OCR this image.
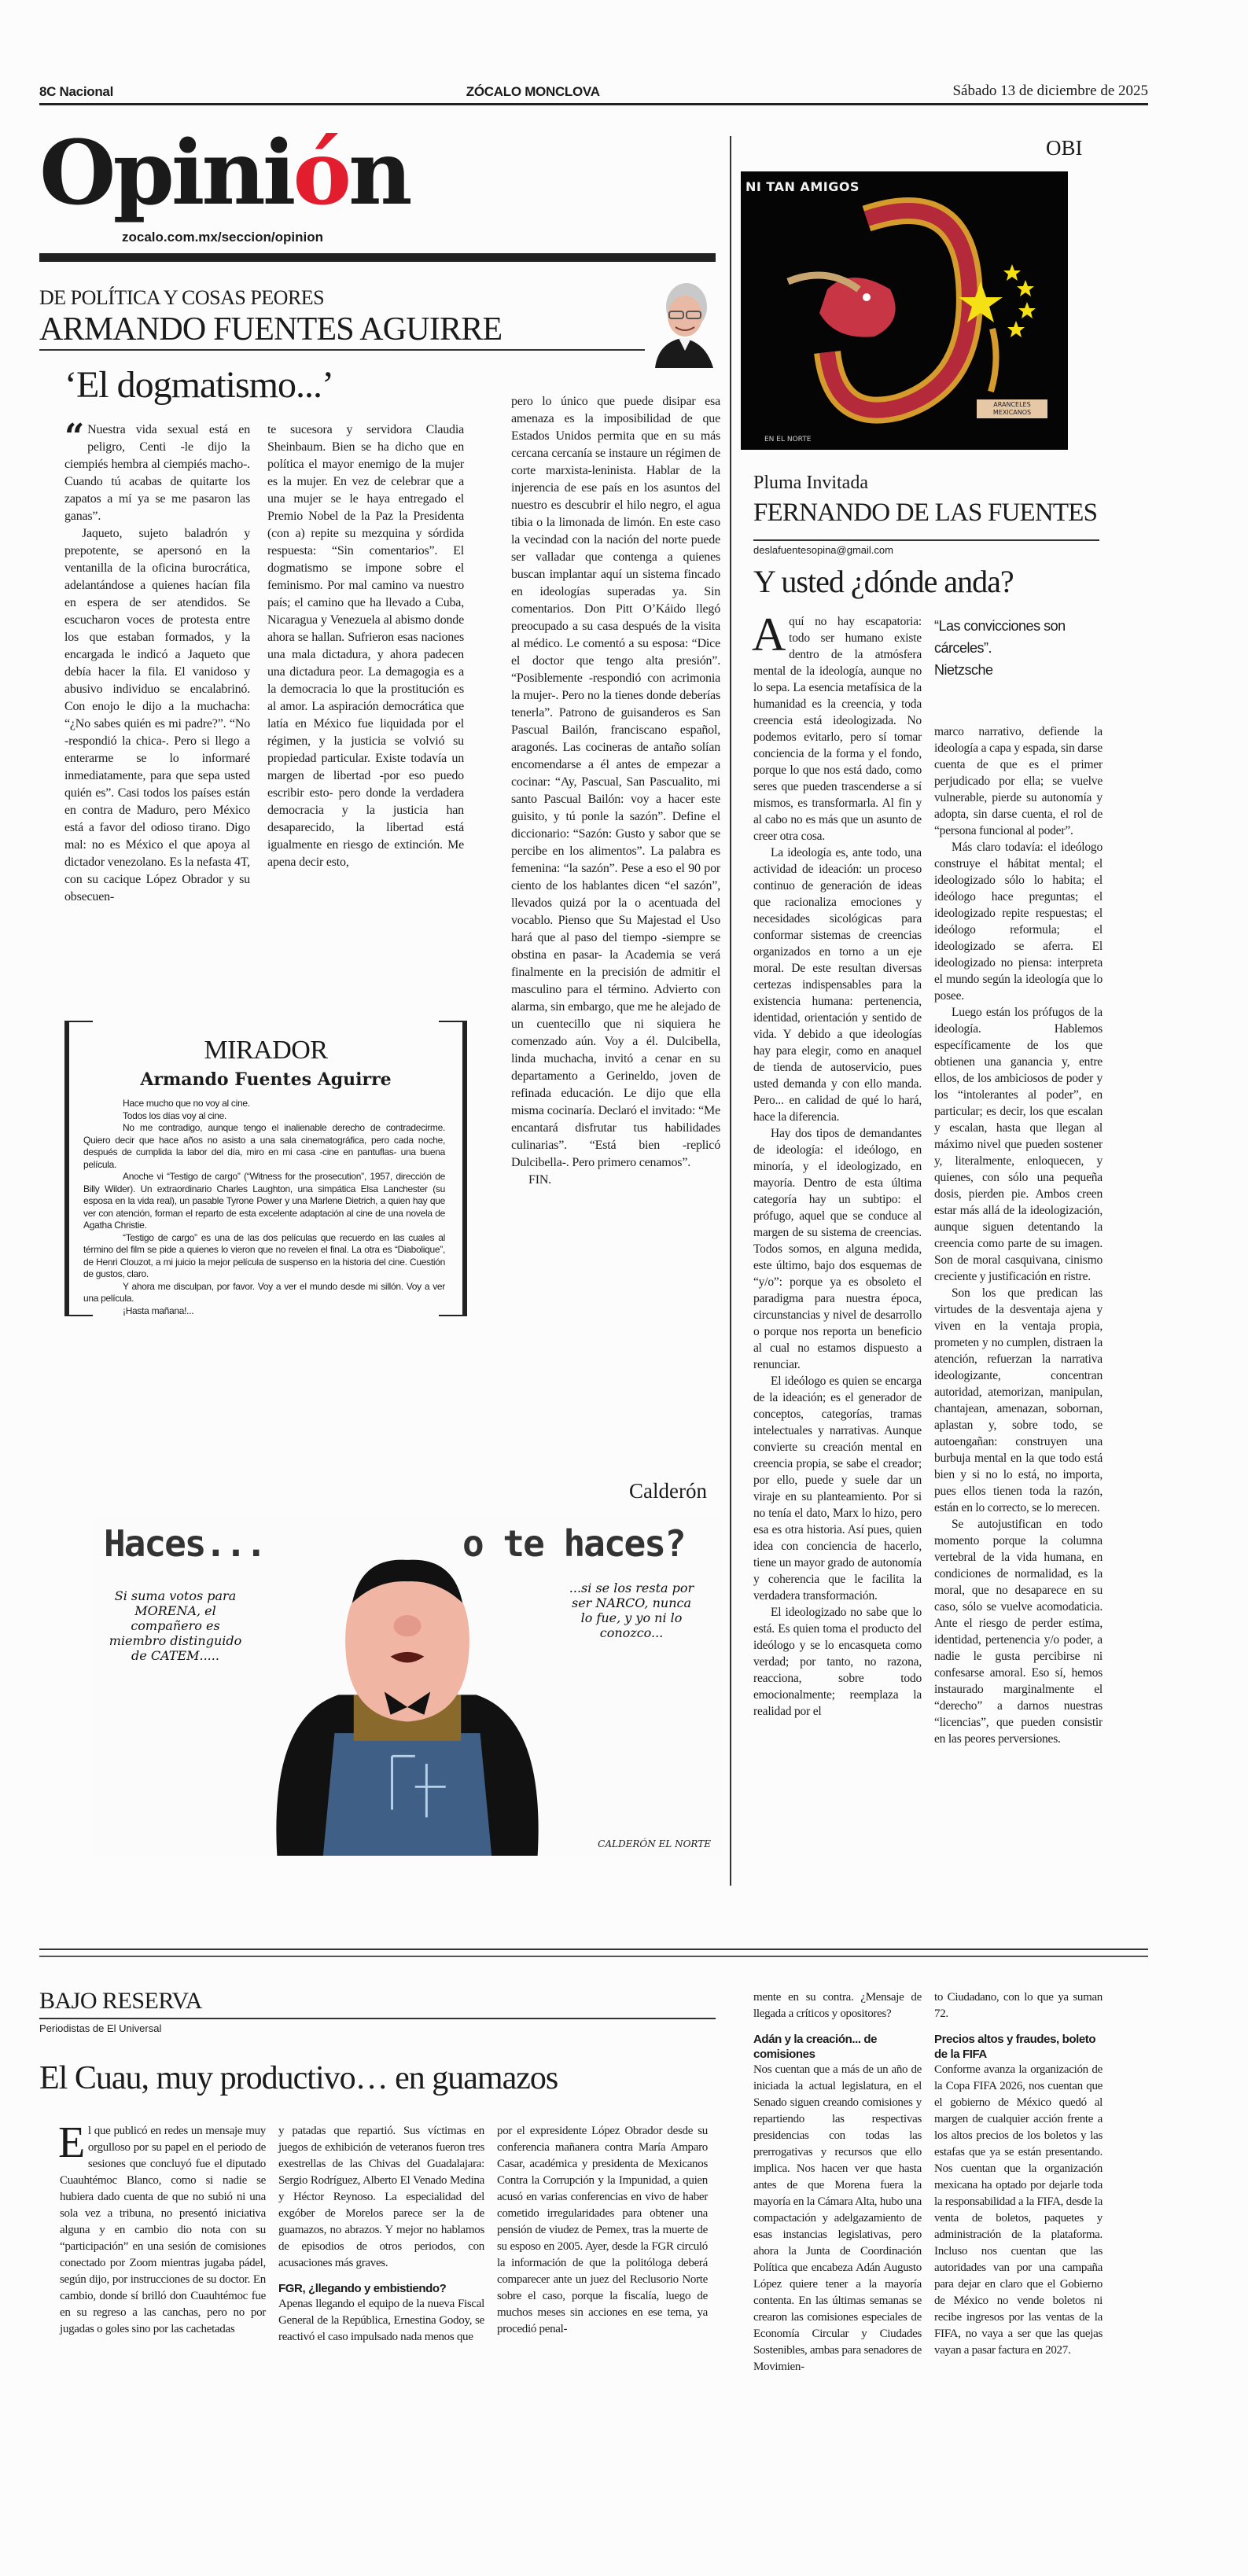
8C Nacional	ZÓCALO MONCLOVA	Sábado 13 de diciembre de 2025
Opinión
zocalo.com.mx/seccion/opinion
DE POLÍTICA Y COSAS PEORES
ARMANDO FUENTES AGUIRRE
‘El dogmatismo...’

“ Nuestra vida sexual está en peligro, Centi -le dijo la ciempiés hembra al ciempiés macho-. Cuando tú acabas de quitarte los zapatos a mí ya se me pasaron las ganas”.

Jaqueto, sujeto baladrón y prepotente, se apersonó en la ventanilla de la oficina burocrática, adelantándose a quienes hacían fila en espera de ser atendidos. Se escucharon voces de protesta entre los que estaban formados, y la encargada le indicó a Jaqueto que debía hacer la fila. El vanidoso y abusivo individuo se encalabrinó. Con enojo le dijo a la muchacha: “¿No sabes quién es mi padre?”. “No -respondió la chica-. Pero si llego a enterarme se lo informaré inmediatamente, para que sepa usted quién es”. Casi todos los países están en contra de Maduro, pero México está a favor del odioso tirano. Digo mal: no es México el que apoya al dictador venezolano. Es la nefasta 4T, con su cacique López Obrador y su obsecuen-

te sucesora y servidora Claudia Sheinbaum. Bien se ha dicho que en política el mayor enemigo de la mujer es la mujer. En vez de celebrar que a una mujer se le haya entregado el Premio Nobel de la Paz la Presidenta (con a) repite su mezquina y sórdida respuesta: “Sin comentarios”. El dogmatismo se impone sobre el feminismo. Por mal camino va nuestro país; el camino que ha llevado a Cuba, Nicaragua y Venezuela al abismo donde ahora se hallan. Sufrieron esas naciones una mala dictadura, y ahora padecen una dictadura peor. La demagogia es a la democracia lo que la prostitución es al amor. La aspiración democrática que latía en México fue liquidada por el régimen, y la justicia se volvió su propiedad particular. Existe todavía un margen de libertad -por eso puedo escribir esto- pero donde la verdadera democracia y la justicia han desaparecido, la libertad está igualmente en riesgo de extinción. Me apena decir esto,

pero lo único que puede disipar esa amenaza es la imposibilidad de que Estados Unidos permita que en su más cercana cercanía se instaure un régimen de corte marxista-leninista. Hablar de la injerencia de ese país en los asuntos del nuestro es descubrir el hilo negro, el agua tibia o la limonada de limón. En este caso la vecindad con la nación del norte puede ser valladar que contenga a quienes buscan implantar aquí un sistema fincado en ideologías superadas ya. Sin comentarios. Don Pitt O’Káido llegó preocupado a su casa después de la visita al médico. Le comentó a su esposa: “Dice el doctor que tengo alta presión”. “Posiblemente -respondió con acrimonia la mujer-. Pero no la tienes donde deberías tenerla”. Patrono de guisanderos es San Pascual Bailón, franciscano español, aragonés. Las cocineras de antaño solían encomendarse a él antes de empezar a cocinar: “Ay, Pascual, San Pascualito, mi santo Pascual Bailón: voy a hacer este guisito, y tú ponle la sazón”. Define el diccionario: “Sazón: Gusto y sabor que se percibe en los alimentos”. La palabra es femenina: “la sazón”. Pese a eso el 90 por ciento de los hablantes dicen “el sazón”, llevados quizá por la o acentuada del vocablo. Pienso que Su Majestad el Uso hará que al paso del tiempo -siempre se obstina en pasar- la Academia se verá finalmente en la precisión de admitir el masculino para el término. Advierto con alarma, sin embargo, que me he alejado de un cuentecillo que ni siquiera he comenzado aún. Voy a él. Dulcibella, linda muchacha, invitó a cenar en su departamento a Gerineldo, joven de refinada educación. Le dijo que ella misma cocinaría. Declaró el invitado: “Me encantará disfrutar tus habilidades culinarias”. “Está bien -replicó Dulcibella-. Pero primero cenamos”.

FIN.

MIRADOR
Armando Fuentes Aguirre

Hace mucho que no voy al cine.

Todos los días voy al cine.

No me contradigo, aunque tengo el inalienable derecho de contradecirme. Quiero decir que hace años no asisto a una sala cinematográfica, pero cada noche, después de cumplida la labor del día, miro en mi casa -cine en pantuflas- una buena película.

Anoche vi “Testigo de cargo” (“Witness for the prosecution”, 1957, dirección de Billy Wilder). Un extraordinario Charles Laughton, una simpática Elsa Lanchester (su esposa en la vida real), un pasable Tyrone Power y una Marlene Dietrich, a quien hay que ver con atención, forman el reparto de esta excelente adaptación al cine de una novela de Agatha Christie.

“Testigo de cargo” es una de las dos películas que recuerdo en las cuales al término del film se pide a quienes lo vieron que no revelen el final. La otra es “Diabolique”, de Henri Clouzot, a mi juicio la mejor película de suspenso en la historia del cine. Cuestión de gustos, claro.

Y ahora me disculpan, por favor. Voy a ver el mundo desde mi sillón. Voy a ver una película.

¡Hasta mañana!...

Calderón
Haces...	o te haces?
Si suma votos para MORENA, el compañero es miembro distinguido de CATEM.....
...si se los resta por ser NARCO, nunca lo fue, y yo ni lo conozco...
CALDERÓN EL NORTE
OBI
NI TAN AMIGOS
ARANCELES MEXICANOS
EN EL NORTE
Pluma Invitada
FERNANDO DE LAS FUENTES
deslafuentesopina@gmail.com
Y usted ¿dónde anda?
“Las convicciones son cárceles”.
Nietzsche

Aquí no hay escapatoria: todo ser humano existe dentro de la atmósfera mental de la ideología, aunque no lo sepa. La esencia metafísica de la humanidad es la creencia, y toda creencia está ideologizada. No podemos evitarlo, pero sí tomar conciencia de la forma y el fondo, porque lo que nos está dado, como seres que pueden trascenderse a sí mismos, es transformarla. Al fin y al cabo no es más que un asunto de creer otra cosa.

La ideología es, ante todo, una actividad de ideación: un proceso continuo de generación de ideas que racionaliza emociones y necesidades sicológicas para conformar sistemas de creencias organizados en torno a un eje moral. De este resultan diversas certezas indispensables para la existencia humana: pertenencia, identidad, orientación y sentido de vida. Y debido a que ideologías hay para elegir, como en anaquel de tienda de autoservicio, pues usted demanda y con ello manda. Pero... en calidad de qué lo hará, hace la diferencia.

Hay dos tipos de demandantes de ideología: el ideólogo, en minoría, y el ideologizado, en mayoría. Dentro de esta última categoría hay un subtipo: el prófugo, aquel que se conduce al margen de su sistema de creencias. Todos somos, en alguna medida, este último, bajo dos esquemas de “y/o”: porque ya es obsoleto el paradigma para nuestra época, circunstancias y nivel de desarrollo o porque nos reporta un beneficio al cual no estamos dispuesto a renunciar.

El ideólogo es quien se encarga de la ideación; es el generador de conceptos, categorías, tramas intelectuales y narrativas. Aunque convierte su creación mental en creencia propia, se sabe el creador; por ello, puede y suele dar un viraje en su planteamiento. Por si no tenía el dato, Marx lo hizo, pero esa es otra historia. Así pues, quien idea con conciencia de hacerlo, tiene un mayor grado de autonomía y coherencia que le facilita la verdadera transformación.

El ideologizado no sabe que lo está. Es quien toma el producto del ideólogo y se lo encasqueta como verdad; por tanto, no razona, reacciona, sobre todo emocionalmente; reemplaza la realidad por el

marco narrativo, defiende la ideología a capa y espada, sin darse cuenta de que es el primer perjudicado por ella; se vuelve vulnerable, pierde su autonomía y adopta, sin darse cuenta, el rol de “persona funcional al poder”.

Más claro todavía: el ideólogo construye el hábitat mental; el ideologizado sólo lo habita; el ideólogo hace preguntas; el ideologizado repite respuestas; el ideólogo reformula; el ideologizado se aferra. El ideologizado no piensa: interpreta el mundo según la ideología que lo posee.

Luego están los prófugos de la ideología. Hablemos específicamente de los que obtienen una ganancia y, entre ellos, de los ambiciosos de poder y los “intolerantes al poder”, en particular; es decir, los que escalan y escalan, hasta que llegan al máximo nivel que pueden sostener y, literalmente, enloquecen, y quienes, con sólo una pequeña dosis, pierden pie. Ambos creen estar más allá de la ideologización, aunque siguen detentando la creencia como parte de su imagen. Son de moral casquivana, cinismo creciente y justificación en ristre.

Son los que predican las virtudes de la desventaja ajena y viven en la ventaja propia, prometen y no cumplen, distraen la atención, refuerzan la narrativa ideologizante, concentran autoridad, atemorizan, manipulan, chantajean, amenazan, sobornan, aplastan y, sobre todo, se autoengañan: construyen una burbuja mental en la que todo está bien y si no lo está, no importa, pues ellos tienen toda la razón, están en lo correcto, se lo merecen.

Se autojustifican en todo momento porque la columna vertebral de la vida humana, en condiciones de normalidad, es la moral, que no desaparece en su caso, sólo se vuelve acomodaticia. Ante el riesgo de perder estima, identidad, pertenencia y/o poder, a nadie le gusta percibirse ni confesarse amoral. Eso sí, hemos instaurado marginalmente el “derecho” a darnos nuestras “licencias”, que pueden consistir en las peores perversiones.

BAJO RESERVA
Periodistas de El Universal
El Cuau, muy productivo… en guamazos
El que publicó en redes un mensaje muy orgulloso por su papel en el periodo de sesiones que concluyó fue el diputado Cuauhtémoc Blanco, como si nadie se hubiera dado cuenta de que no subió ni una sola vez a tribuna, no presentó iniciativa alguna y en cambio dio nota con su “participación” en una sesión de comisiones conectado por Zoom mientras jugaba pádel, según dijo, por instrucciones de su doctor. En cambio, donde sí brilló don Cuauhtémoc fue en su regreso a las canchas, pero no por jugadas o goles sino por las cachetadas
y patadas que repartió. Sus víctimas en juegos de exhibición de veteranos fueron tres exestrellas de las Chivas del Guadalajara: Sergio Rodríguez, Alberto El Venado Medina y Héctor Reynoso. La especialidad del exgóber de Morelos parece ser la de guamazos, no abrazos. Y mejor no hablamos de episodios de otros periodos, con acusaciones más graves.
FGR, ¿llegando y embistiendo?
Apenas llegando el equipo de la nueva Fiscal General de la República, Ernestina Godoy, se reactivó el caso impulsado nada menos que
por el expresidente López Obrador desde su conferencia mañanera contra María Amparo Casar, académica y presidenta de Mexicanos Contra la Corrupción y la Impunidad, a quien acusó en varias conferencias en vivo de haber cometido irregularidades para obtener una pensión de viudez de Pemex, tras la muerte de su esposo en 2005. Ayer, desde la FGR circuló la información de que la politóloga deberá comparecer ante un juez del Reclusorio Norte sobre el caso, porque la fiscalía, luego de muchos meses sin acciones en ese tema, ya procedió penal-
mente en su contra. ¿Mensaje de llegada a críticos y opositores?
Adán y la creación... de comisiones
Nos cuentan que a más de un año de iniciada la actual legislatura, en el Senado siguen creando comisiones y repartiendo las respectivas presidencias con todas las prerrogativas y recursos que ello implica. Nos hacen ver que hasta antes de que Morena fuera la mayoría en la Cámara Alta, hubo una compactación y adelgazamiento de esas instancias legislativas, pero ahora la Junta de Coordinación Política que encabeza Adán Augusto López quiere tener a la mayoría contenta. En las últimas semanas se crearon las comisiones especiales de Economía Circular y Ciudades Sostenibles, ambas para senadores de Movimien-
to Ciudadano, con lo que ya suman 72.
Precios altos y fraudes, boleto de la FIFA
Conforme avanza la organización de la Copa FIFA 2026, nos cuentan que el gobierno de México quedó al margen de cualquier acción frente a los altos precios de los boletos y las estafas que ya se están presentando. Nos cuentan que la organización mexicana ha optado por dejarle toda la responsabilidad a la FIFA, desde la venta de boletos, paquetes y administración de la plataforma. Incluso nos cuentan que las autoridades van por una campaña para dejar en claro que el Gobierno de México no vende boletos ni recibe ingresos por las ventas de la FIFA, no vaya a ser que las quejas vayan a pasar factura en 2027.
